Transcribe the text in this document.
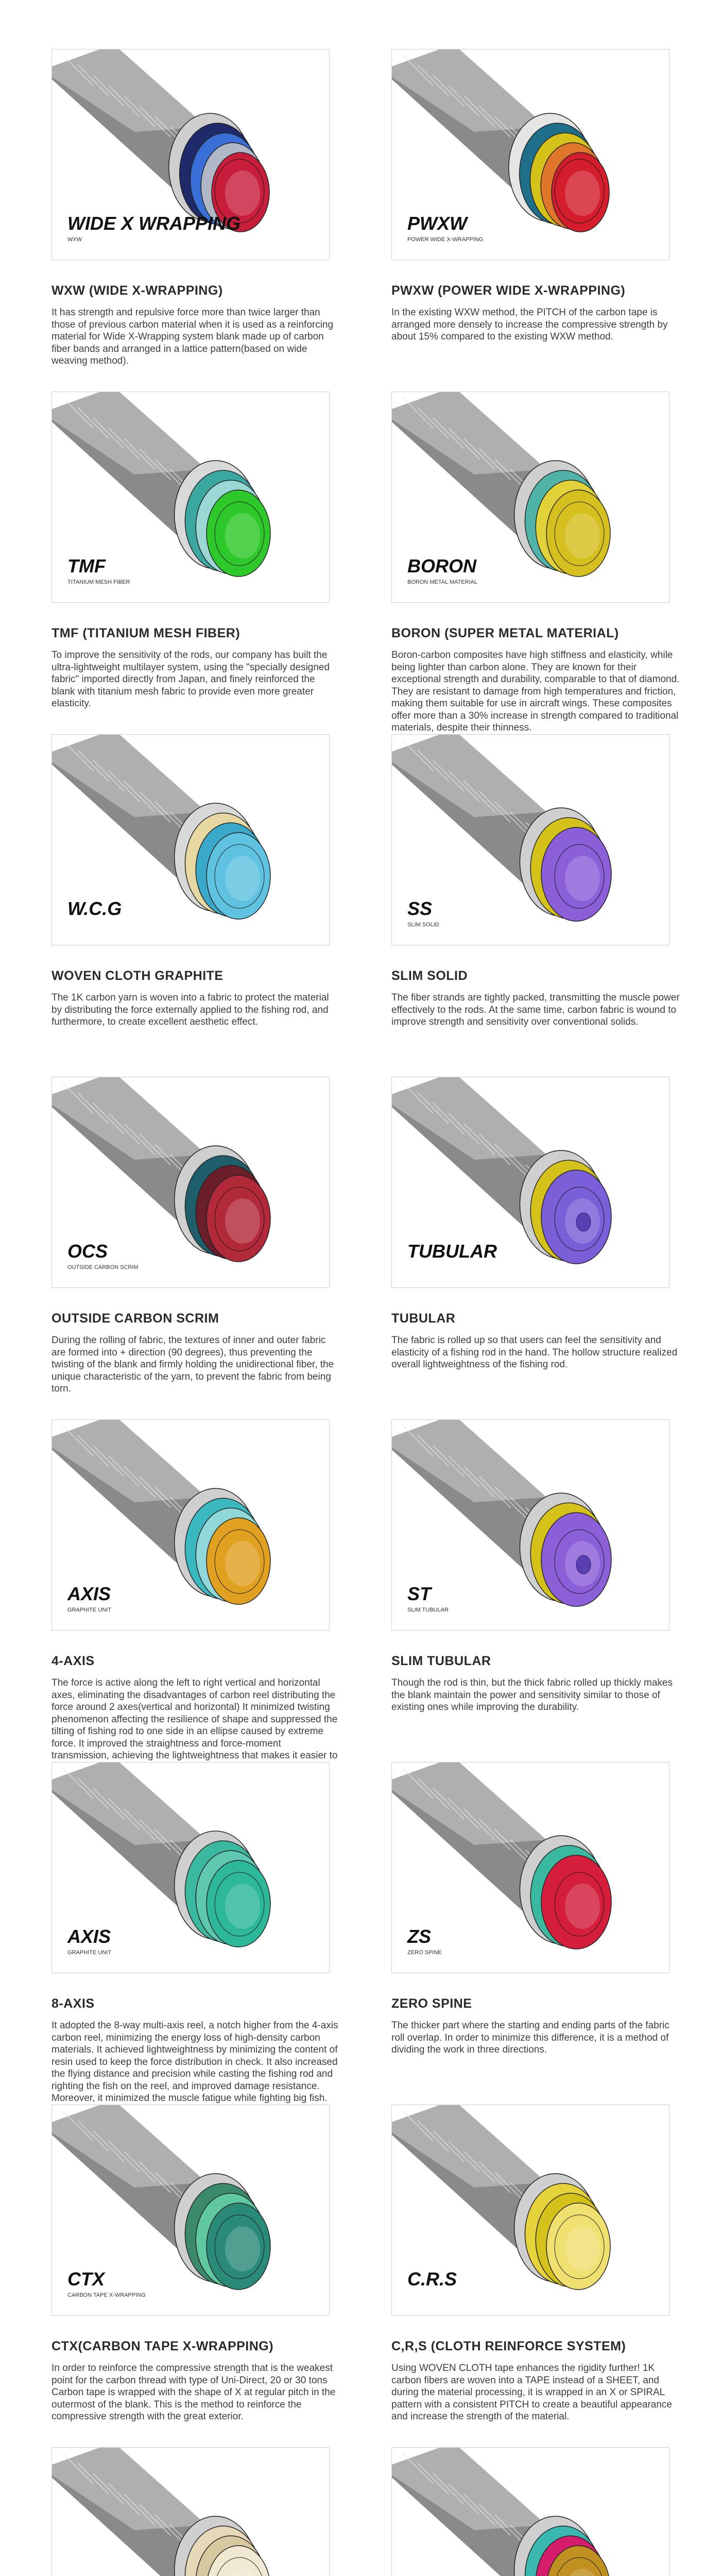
WIDE X WRAPPING
WXW
WXW (WIDE X-WRAPPING)
It has strength and repulsive force more than twice larger than those of previous carbon material when it is used as a reinforcing material for Wide X-Wrapping system blank made up of carbon fiber bands and arranged in a lattice pattern(based on wide weaving method).
PWXW
POWER WIDE X-WRAPPING
PWXW (POWER WIDE X-WRAPPING)
In the existing WXW method, the PITCH of the carbon tape is arranged more densely to increase the compressive strength by about 15% compared to the existing WXW method.
TMF
TITANIUM MESH FIBER
TMF (TITANIUM MESH FIBER)
To improve the sensitivity of the rods, our company has built the ultra-lightweight multilayer system, using the "specially designed fabric" imported directly from Japan, and finely reinforced the blank with titanium mesh fabric to provide even more greater elasticity.
BORON
BORON METAL MATERIAL
BORON (SUPER METAL MATERIAL)
Boron-carbon composites have high stiffness and elasticity, while being lighter than carbon alone. They are known for their exceptional strength and durability, comparable to that of diamond. They are resistant to damage from high temperatures and friction, making them suitable for use in aircraft wings. These composites offer more than a 30% increase in strength compared to traditional materials, despite their thinness.
W.C.G
WOVEN CLOTH GRAPHITE
The 1K carbon yarn is woven into a fabric to protect the material by distributing the force externally applied to the fishing rod, and furthermore, to create excellent aesthetic effect.
SS
SLIM SOLID
SLIM SOLID
The fiber strands are tightly packed, transmitting the muscle power effectively to the rods. At the same time, carbon fabric is wound to improve strength and sensitivity over conventional solids.
OCS
OUTSIDE CARBON SCRIM
OUTSIDE CARBON SCRIM
During the rolling of fabric, the textures of inner and outer fabric are formed into + direction (90 degrees), thus preventing the twisting of the blank and firmly holding the unidirectional fiber, the unique characteristic of the yarn, to prevent the fabric from being torn.
TUBULAR
TUBULAR
The fabric is rolled up so that users can feel the sensitivity and elasticity of a fishing rod in the hand. The hollow structure realized overall lightweightness of the fishing rod.
AXIS
GRAPHITE UNIT
4-AXIS
The force is active along the left to right vertical and horizontal axes, eliminating the disadvantages of carbon reel distributing the force around 2 axes(vertical and horizontal) It minimized twisting phenomenon affecting the resilience of shape and suppressed the tilting of fishing rod to one side in an ellipse caused by extreme force. It improved the straightness and force-moment transmission, achieving the lightweightness that makes it easier to
ST
SLIM TUBULAR
SLIM TUBULAR
Though the rod is thin, but the thick fabric rolled up thickly makes the blank maintain the power and sensitivity similar to those of existing ones while improving the durability.
AXIS
GRAPHITE UNIT
8-AXIS
It adopted the 8-way multi-axis reel, a notch higher from the 4-axis carbon reel, minimizing the energy loss of high-density carbon materials. It achieved lightweightness by minimizing the content of resin used to keep the force distribution in check. It also increased the flying distance and precision while casting the fishing rod and righting the fish on the reel, and improved damage resistance. Moreover, it minimized the muscle fatigue while fighting big fish.
ZS
ZERO SPINE
ZERO SPINE
The thicker part where the starting and ending parts of the fabric roll overlap. In order to minimize this difference, it is a method of dividing the work in three directions.
CTX
CARBON TAPE X-WRAPPING
CTX(CARBON TAPE X-WRAPPING)
In order to reinforce the compressive strength that is the weakest point for the carbon thread with type of Uni-Direct, 20 or 30 tons Carbon tape is wrapped with the shape of X at regular pitch in the outermost of the blank. This is the method to reinforce the compressive strength with the great exterior.
C.R.S
C,R,S (CLOTH REINFORCE SYSTEM)
Using WOVEN CLOTH tape enhances the rigidity further! 1K carbon fibers are woven into a TAPE instead of a SHEET, and during the material processing, it is wrapped in an X or SPIRAL pattern with a consistent PITCH to create a beautiful appearance and increase the strength of the material.
